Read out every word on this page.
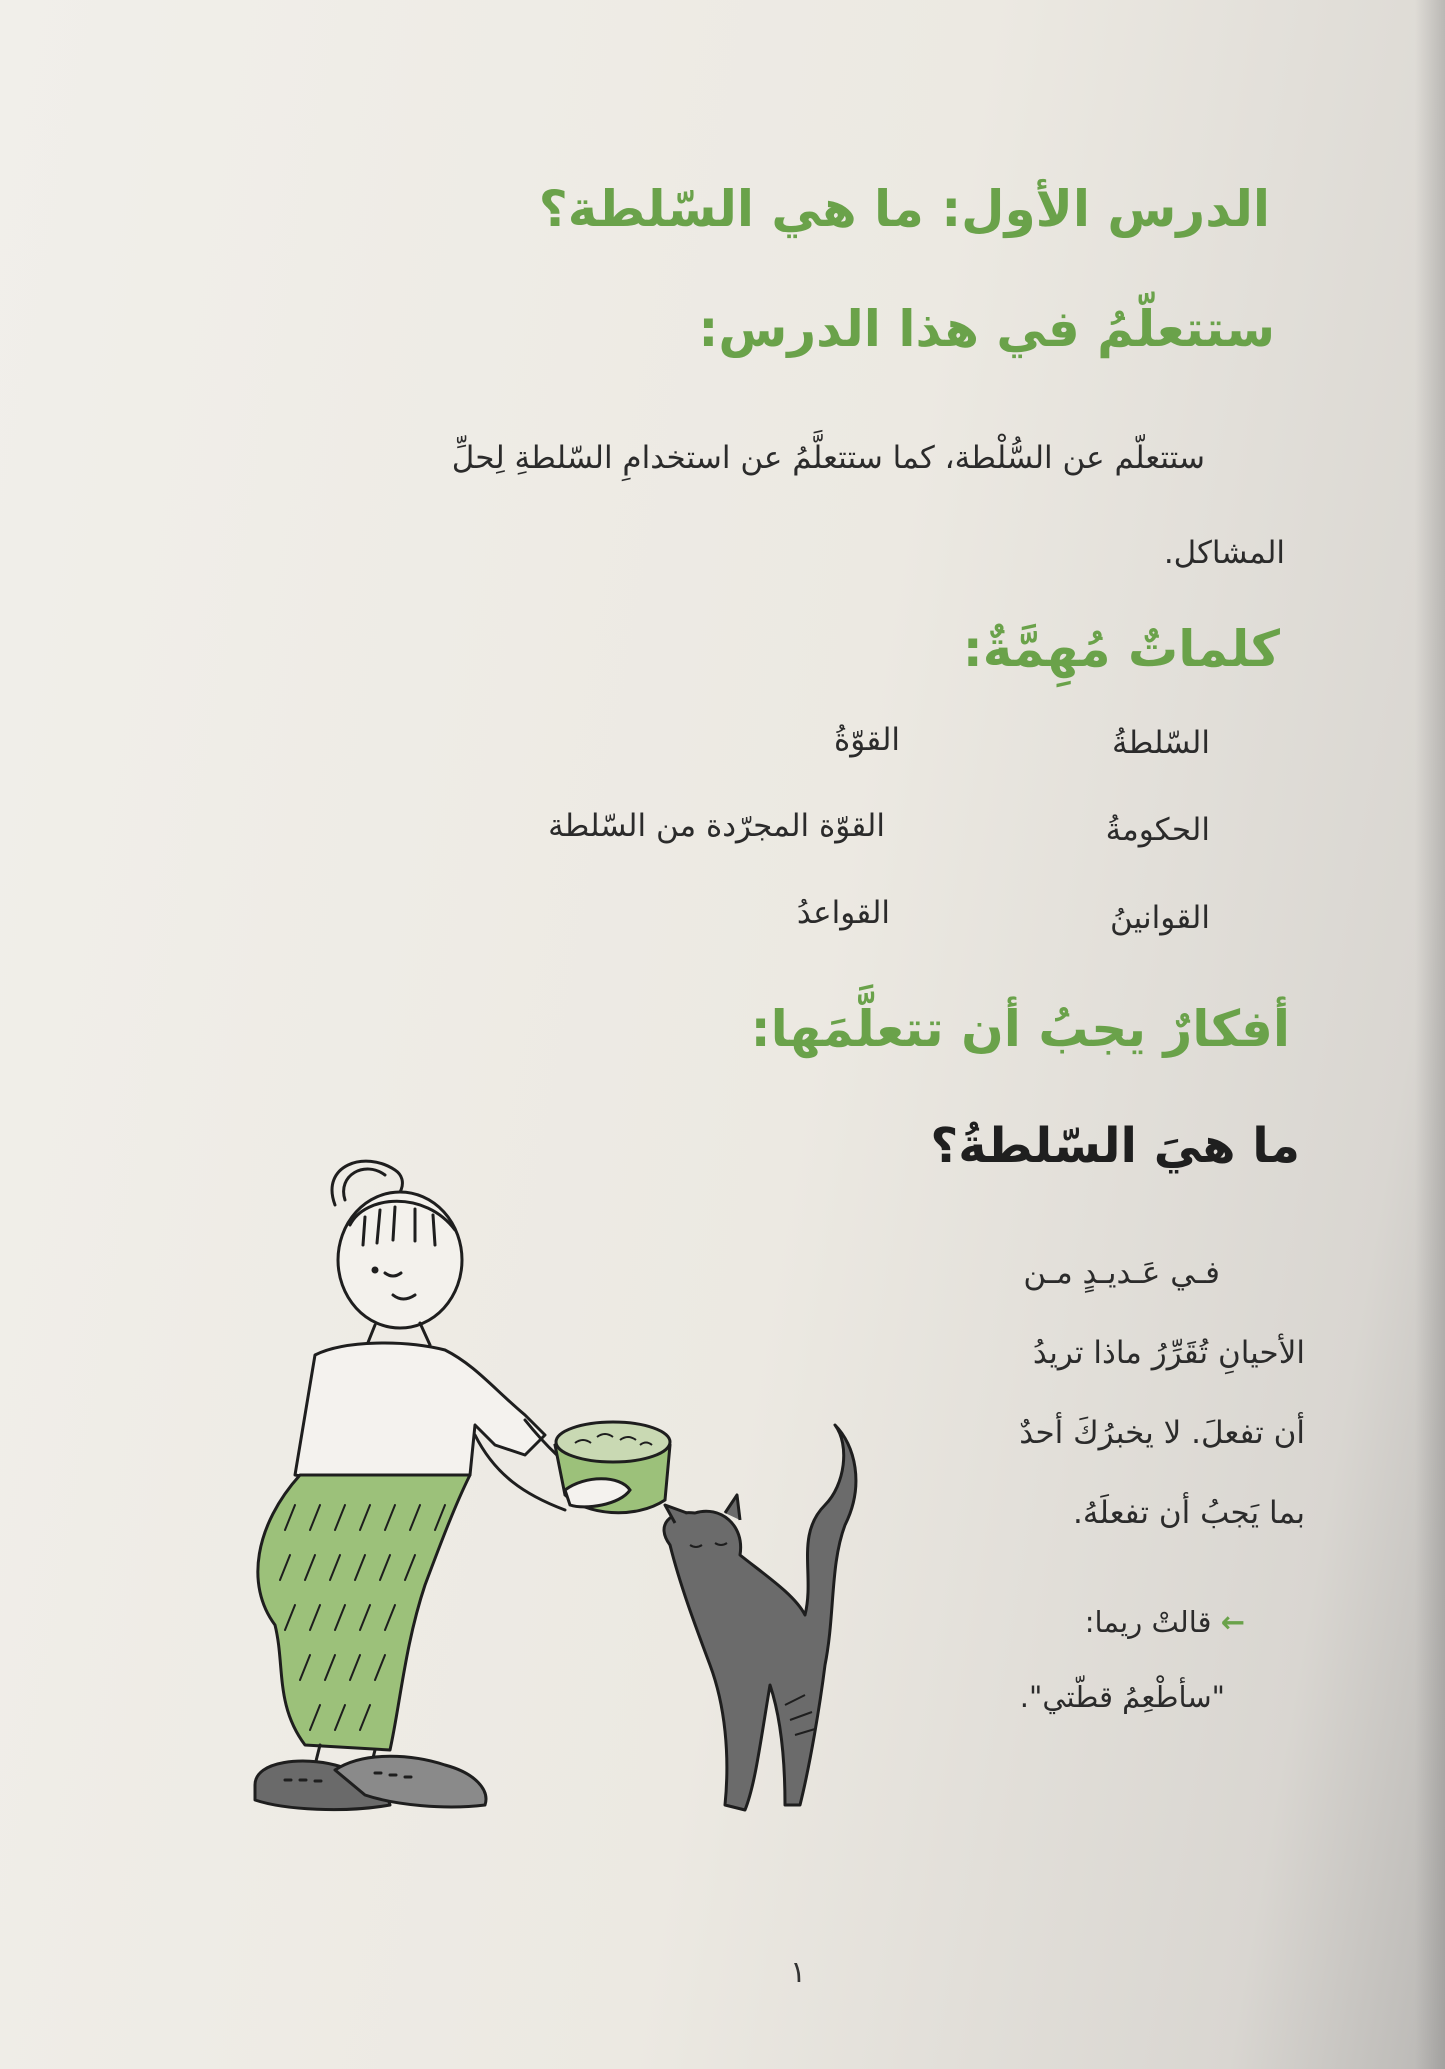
الدرس الأول: ما هي السّلطة؟
ستتعلّمُ في هذا الدرس:
ستتعلّم عن السُّلْطة، كما ستتعلَّمُ عن استخدامِ السّلطةِ لِحلِّ
المشاكل.
كلماتٌ مُهِمَّةٌ:
السّلطةُ
القوّةُ
الحكومةُ
القوّة المجرّدة من السّلطة
القوانينُ
القواعدُ
أفكارٌ يجبُ أن تتعلَّمَها:
ما هيَ السّلطةُ؟
فـي عَـديـدٍ مـن
الأحيانِ تُقَرِّرُ ماذا تريدُ
أن تفعلَ. لا يخبرُكَ أحدٌ
بما يَجبُ أن تفعلَهُ.
← قالتْ ريما:
"سأطْعِمُ قطّتي".
١
